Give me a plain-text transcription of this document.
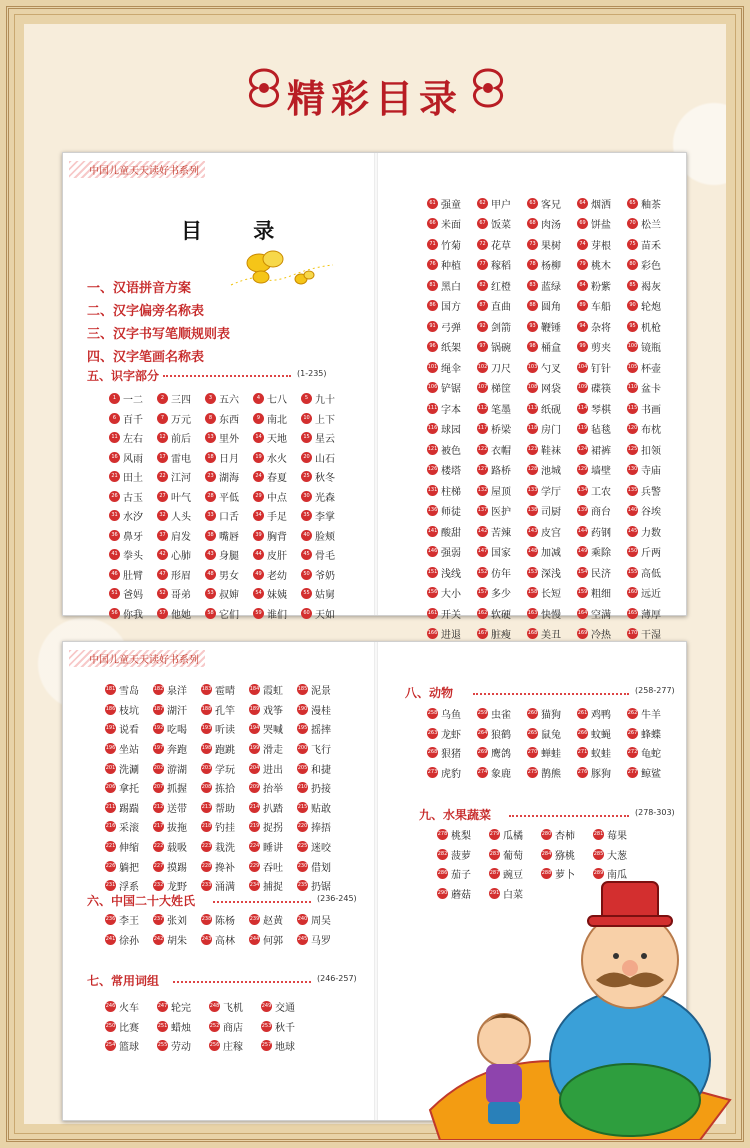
精彩目录
中国儿童天天读好书系列
目 录
一、汉语拼音方案
二、汉字偏旁名称表
三、汉字书写笔顺规则表
四、汉字笔画名称表
五、识字部分	(1-235)
1 一二	2 三四	3 五六	4 七八	5 九十
6 百千	7 万元	8 东西	9 南北	10 上下
11 左右	12 前后	13 里外	14 天地	15 星云
16 风雨	17 雷电	18 日月	19 水火	20 山石
21 田土	22 江河	23 湖海	24 春夏	25 秋冬
26 古玉	27 叶气	28 平低	29 中点	30 光森
31 水汐	32 人头	33 口舌	34 手足	35 李掌
36 鼻牙	37 肩发	38 嘴唇	39 胸背	40 脸颊
41 拳头	42 心肺	43 身腿	44 皮肝	45 骨毛
46 肚臂	47 形眉	48 男女	49 老幼	50 爷奶
51 爸妈	52 哥弟	53 叔婶	54 妹姨	55 姑舅
56 你我	57 他她	58 它们	59 谁们	60 天如
61 强童	62 甲户	63 客兄	64 烟洒	65 釉茶
66 米面	67 饭菜	68 肉汤	69 饼盐	70 松兰
71 竹菊	72 花草	73 果树	74 芽根	75 苗禾
76 种植	77 稼稻	78 杨柳	79 桃木	80 彩色
81 黑白	82 红橙	83 蓝绿	84 粉紫	85 褐灰
86 国方	87 直曲	88 圆角	89 车船	90 轮炮
91 弓弹	92 剑箭	93 鞭锤	94 杂将	95 机枪
96 纸架	97 锅碗	98 桶盒	99 剪夹	100 镜瓶
101 绳伞	102 刀尺	103 勺叉	104 钉针	105 杯壶
106 铲锯	107 梯筐	108 网袋	109 碟筷	110 盆卡
111 字本	112 笔墨	113 纸砚	114 琴棋	115 书画
116 球园	117 桥梁	118 房门	119 毡毯	120 布枕
121 被色	122 衣帽	123 鞋袜	124 裙裤	125 扣领
126 楼塔	127 路桥	128 池城	129 墙壁	130 寺庙
131 柱梯	132 屋顶	133 学厅	134 工农	135 兵警
136 师徒	137 医护	138 司厨	139 商台	140 谷埃
141 酸甜	142 苦辣	143 皮宫	144 药钢	145 力数
146 强弱	147 国家	148 加减	149 乘除	150 斤两
151 浅线	152 仿年	153 深浅	154 民济	155 高低
156 大小	157 多少	158 长短	159 粗细	160 远近
161 开关	162 软硬	163 快慢	164 空满	165 薄厚
166 进退	167 脏瘦	168 美丑	169 冷热	170 干湿
中国儿童天天读好书系列
181 雪岛	182 泉洋	183 雹晴	184 霞虹	185 泥景
186 枝坑	187 湖汗	188 孔竿	189 戏筝	190 漫桂
191 说看	192 吃喝	193 听读	194 哭喊	195 摇摔
196 坐站	197 奔跑	198 跑跳	199 滑走	200 飞行
201 洗涮	202 游湖	203 学玩	204 进出	205 和捷
206 拿托	207 抓握	208 拣拾	209 抬举	210 扔接
211 踢踹	212 送带	213 帮助	214 扒踏	215 贴敢
216 采滚	217 拔拖	218 钓挂	219 捉拐	220 捧捂
221 伸缩	222 载吸	223 栽洗	224 睡讲	225 迷咬
226 躺把	227 摸踢	228 搀补	229 吞吐	230 借划
231 浮系	232 龙野	233 涌满	234 捕捉	235 扔锯
六、中国二十大姓氏	(236-245)
236 李王	237 张刘	238 陈杨	239 赵黄	240 周吴
241 徐孙	242 胡朱	243 高林	244 何郭	245 马罗
七、常用词组	(246-257)
246 火车	247 轮完	248 飞机	249 交通
250 比赛	251 蜡烛	252 商店	253 秋千
254 篮球	255 劳动	256 庄稼	257 地球
八、动物	(258-277)
258 乌鱼	259 虫雀	260 猫狗	261 鸡鸭	262 牛羊
263 龙虾	264 狼鹤	265 鼠兔	266 蚊蝇	267 蜂蝶
268 狠猪	269 鹰鸽	270 蝉蛙	271 蚁蛙	272 龟蛇
273 虎豹	274 象鹿	275 鹊熊	276 豚狗	277 鲸鲨
九、水果蔬菜	(278-303)
278 桃梨	279 瓜橘	280 杏柿	281 莓果
282 菠萝	283 葡萄	284 猕桃	285 大葱
286 茄子	287 豌豆	288 萝卜	289 南瓜
290 蘑菇	291 白菜
